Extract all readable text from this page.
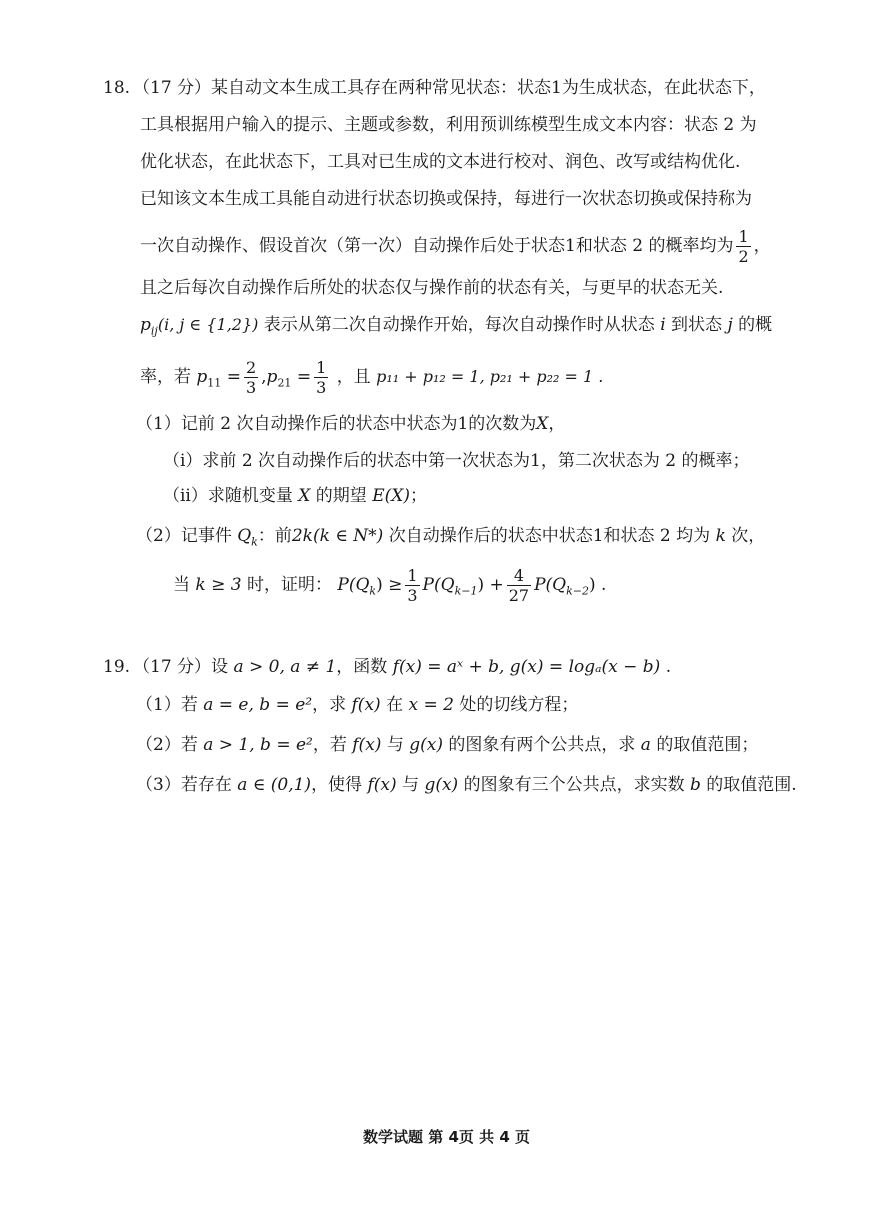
18. （17 分）某自动文本生成工具存在两种常见状态：状态1为生成状态，在此状态下，
工具根据用户输入的提示、主题或参数，利用预训练模型生成文本内容：状态 2 为
优化状态，在此状态下，工具对已生成的文本进行校对、润色、改写或结构优化.
已知该文本生成工具能自动进行状态切换或保持，每进行一次状态切换或保持称为
一次自动操作、假设首次（第一次）自动操作后处于状态1和状态 2 的概率均为 $\frac{1}{2}$ ，
且之后每次自动操作后所处的状态仅与操作前的状态有关，与更早的状态无关.
$p_{ij}(i$, j ∈ {1,2}) 表示从第二次自动操作开始，每次自动操作时从状态 i 到状态 j 的概
率，若 $p_{11} = \frac{2}{3} ,p_{21} = \frac{1}{3}$ ，且 p₁₁ + p₁₂ = 1, p₂₁ + p₂₂ = 1 .
（1）记前 2 次自动操作后的状态中状态为1的次数为X，
（i）求前 2 次自动操作后的状态中第一次状态为1，第二次状态为 2 的概率；
（ii）求随机变量 X 的期望 E(X)；
（2）记事件 $Q_k$：前2k(k ∈ N*) 次自动操作后的状态中状态1和状态 2 均为 k 次，
当 k ≥ 3 时，证明： $P(Q_k) \ge \frac{1}{3} P(Q_{k-1}) + \frac{4}{27} P(Q_{k-2})$ .
19. （17 分）设 a > 0, a ≠ 1，函数 f(x) = aˣ + b, g(x) = logₐ(x − b) .
（1）若 a = e, b = e²，求 f(x) 在 x = 2 处的切线方程；
（2）若 a > 1, b = e²，若 f(x) 与 g(x) 的图象有两个公共点，求 a 的取值范围；
（3）若存在 a ∈ (0,1)，使得 f(x) 与 g(x) 的图象有三个公共点，求实数 b 的取值范围.
数学试题 第 4页 共 4 页
